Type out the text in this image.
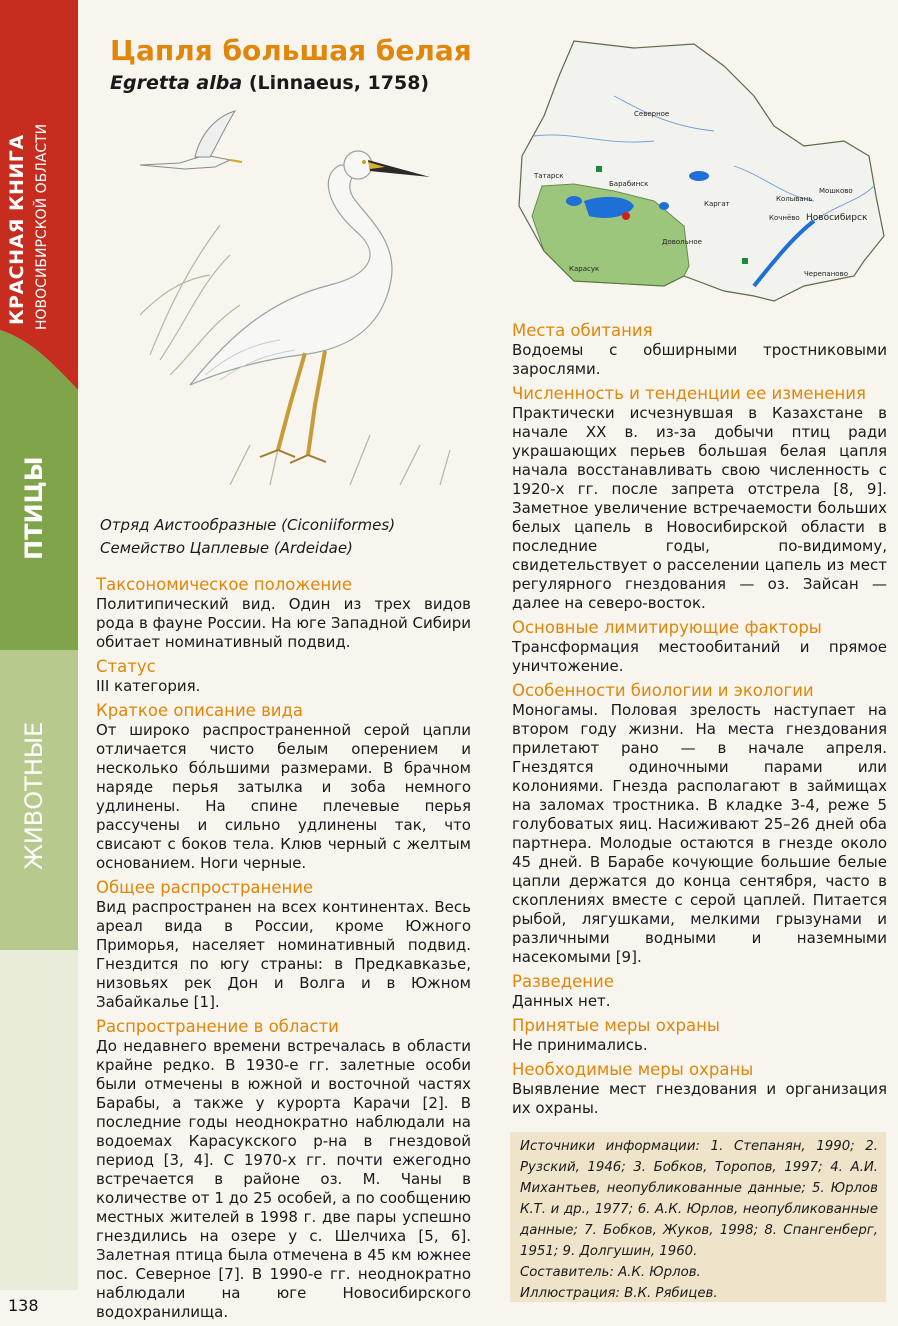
КРАСНАЯ КНИГА НОВОСИБИРСКОЙ ОБЛАСТИ
ПТИЦЫ
ЖИВОТНЫЕ
138
Цапля большая белая
Egretta alba (Linnaeus, 1758)
Северное
Татарск
Барабинск
Каргат
Колывань
Мошково
Кочнёво Новосибирск
Довольное
Карасук
Черепаново
Отряд Аистообразные (Ciconiiformes)
Семейство Цаплевые (Ardeidae)
Таксономическое положение

Политипический вид. Один из трех видов рода в фауне России. На юге Западной Сибири обитает номинативный подвид.

Статус

III категория.

Краткое описание вида

От широко распространенной серой цапли отличается чисто белым оперением и несколько бóльшими размерами. В брачном наряде перья затылка и зоба немного удлинены. На спине плечевые перья рассучены и сильно удлинены так, что свисают с боков тела. Клюв черный с желтым основанием. Ноги черные.

Общее распространение

Вид распространен на всех континентах. Весь ареал вида в России, кроме Южного Приморья, населяет номинативный подвид. Гнездится по югу страны: в Предкавказье, низовьях рек Дон и Волга и в Южном Забайкалье [1].

Распространение в области

До недавнего времени встречалась в области крайне редко. В 1930-е гг. залетные особи были отмечены в южной и восточной частях Барабы, а также у курорта Карачи [2]. В последние годы неоднократно наблюдали на водоемах Карасукского р-на в гнездовой период [3, 4]. С 1970-х гг. почти ежегодно встречается в районе оз. М. Чаны в количестве от 1 до 25 особей, а по сообщению местных жителей в 1998 г. две пары успешно гнездились на озере у с. Шелчиха [5, 6]. Залетная птица была отмечена в 45 км южнее пос. Северное [7]. В 1990-е гг. неоднократно наблюдали на юге Новосибирского водохранилища.

Места обитания

Водоемы с обширными тростниковыми зарослями.

Численность и тенденции ее изменения

Практически исчезнувшая в Казахстане в начале XX в. из-за добычи птиц ради украшающих перьев большая белая цапля начала восстанавливать свою численность с 1920-х гг. после запрета отстрела [8, 9]. Заметное увеличение встречаемости больших белых цапель в Новосибирской области в последние годы, по-видимому, свидетельствует о расселении цапель из мест регулярного гнездования — оз. Зайсан — далее на северо-восток.

Основные лимитирующие факторы

Трансформация местообитаний и прямое уничтожение.

Особенности биологии и экологии

Моногамы. Половая зрелость наступает на втором году жизни. На места гнездования прилетают рано — в начале апреля. Гнездятся одиночными парами или колониями. Гнезда располагают в займищах на заломах тростника. В кладке 3-4, реже 5 голубоватых яиц. Насиживают 25–26 дней оба партнера. Молодые остаются в гнезде около 45 дней. В Барабе кочующие большие белые цапли держатся до конца сентября, часто в скоплениях вместе с серой цаплей. Питается рыбой, лягушками, мелкими грызунами и различными водными и наземными насекомыми [9].

Разведение

Данных нет.

Принятые меры охраны

Не принимались.

Необходимые меры охраны

Выявление мест гнездования и организация их охраны.

Источники информации: 1. Степанян, 1990; 2. Рузский, 1946; 3. Бобков, Торопов, 1997; 4. А.И. Михантьев, неопубликованные данные; 5. Юрлов К.Т. и др., 1977; 6. А.К. Юрлов, неопубликованные данные; 7. Бобков, Жуков, 1998; 8. Спангенберг, 1951; 9. Долгушин, 1960.

Составитель: А.К. Юрлов.

Иллюстрация: В.К. Рябицев.
